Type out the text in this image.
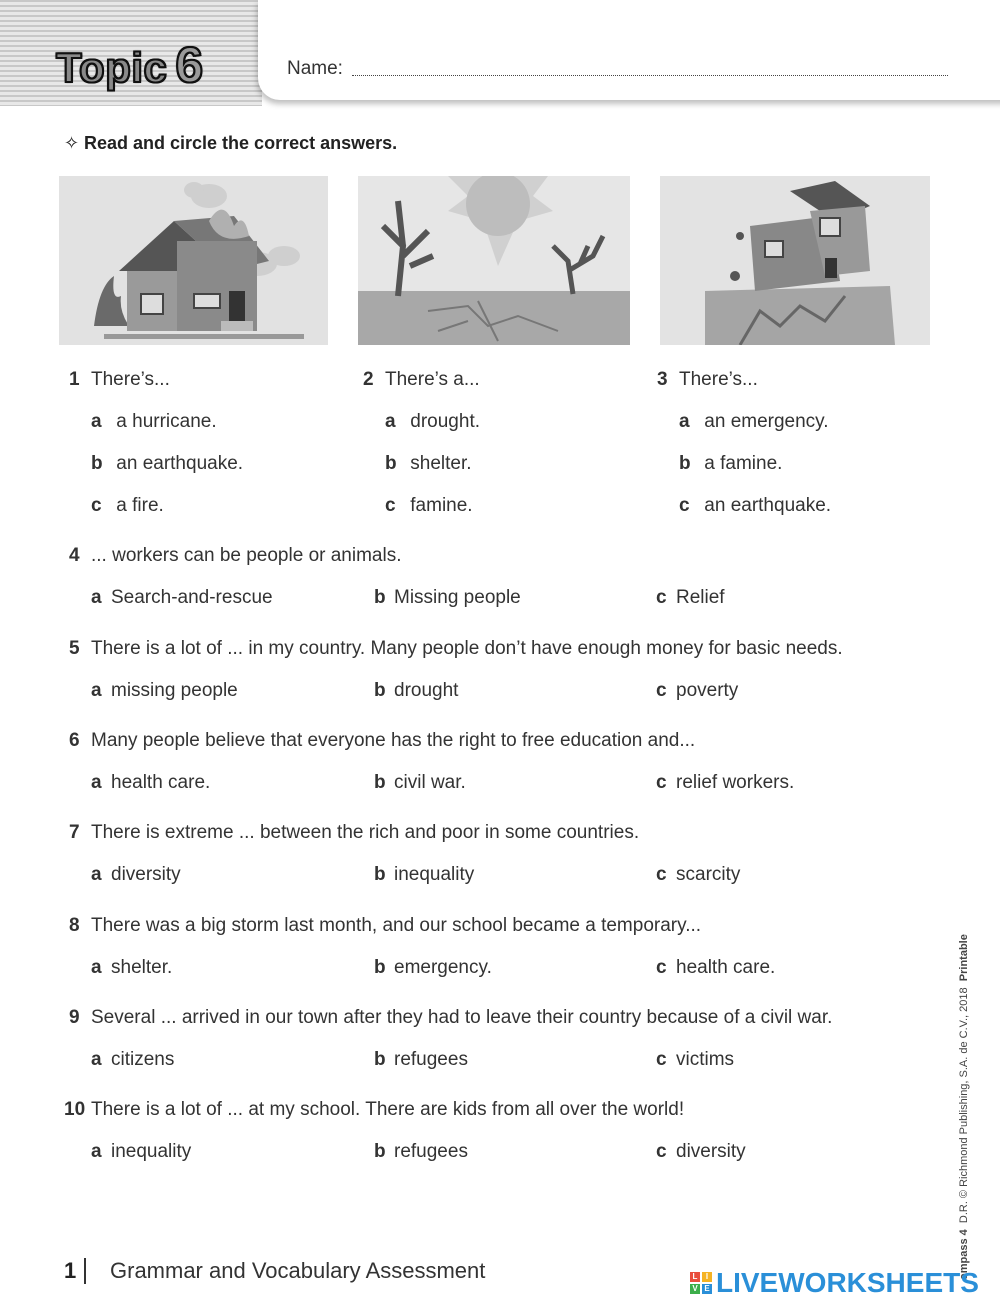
Topic 6	Name:
✧ Read and circle the correct answers.
1 There’s...
a a hurricane.
b an earthquake.
c a fire.
2 There’s a...
a drought.
b shelter.
c famine.
3 There’s...
a an emergency.
b a famine.
c an earthquake.
4 ... workers can be people or animals.
a Search-and-rescue	b Missing people	c Relief
5 There is a lot of ... in my country. Many people don’t have enough money for basic needs.
a missing people	b drought	c poverty
6 Many people believe that everyone has the right to free education and...
a health care.	b civil war.	c relief workers.
7 There is extreme ... between the rich and poor in some countries.
a diversity	b inequality	c scarcity
8 There was a big storm last month, and our school became a temporary...
a shelter.	b emergency.	c health care.
9 Several ... arrived in our town after they had to leave their country because of a civil war.
a citizens	b refugees	c victims
10 There is a lot of ... at my school. There are kids from all over the world!
a inequality	b refugees	c diversity
1 Grammar and Vocabulary Assessment	ompass 4  D.R. © Richmond Publishing, S.A. de C.V., 2018  Printable
L	I
V E LIVEWORKSHEETS
